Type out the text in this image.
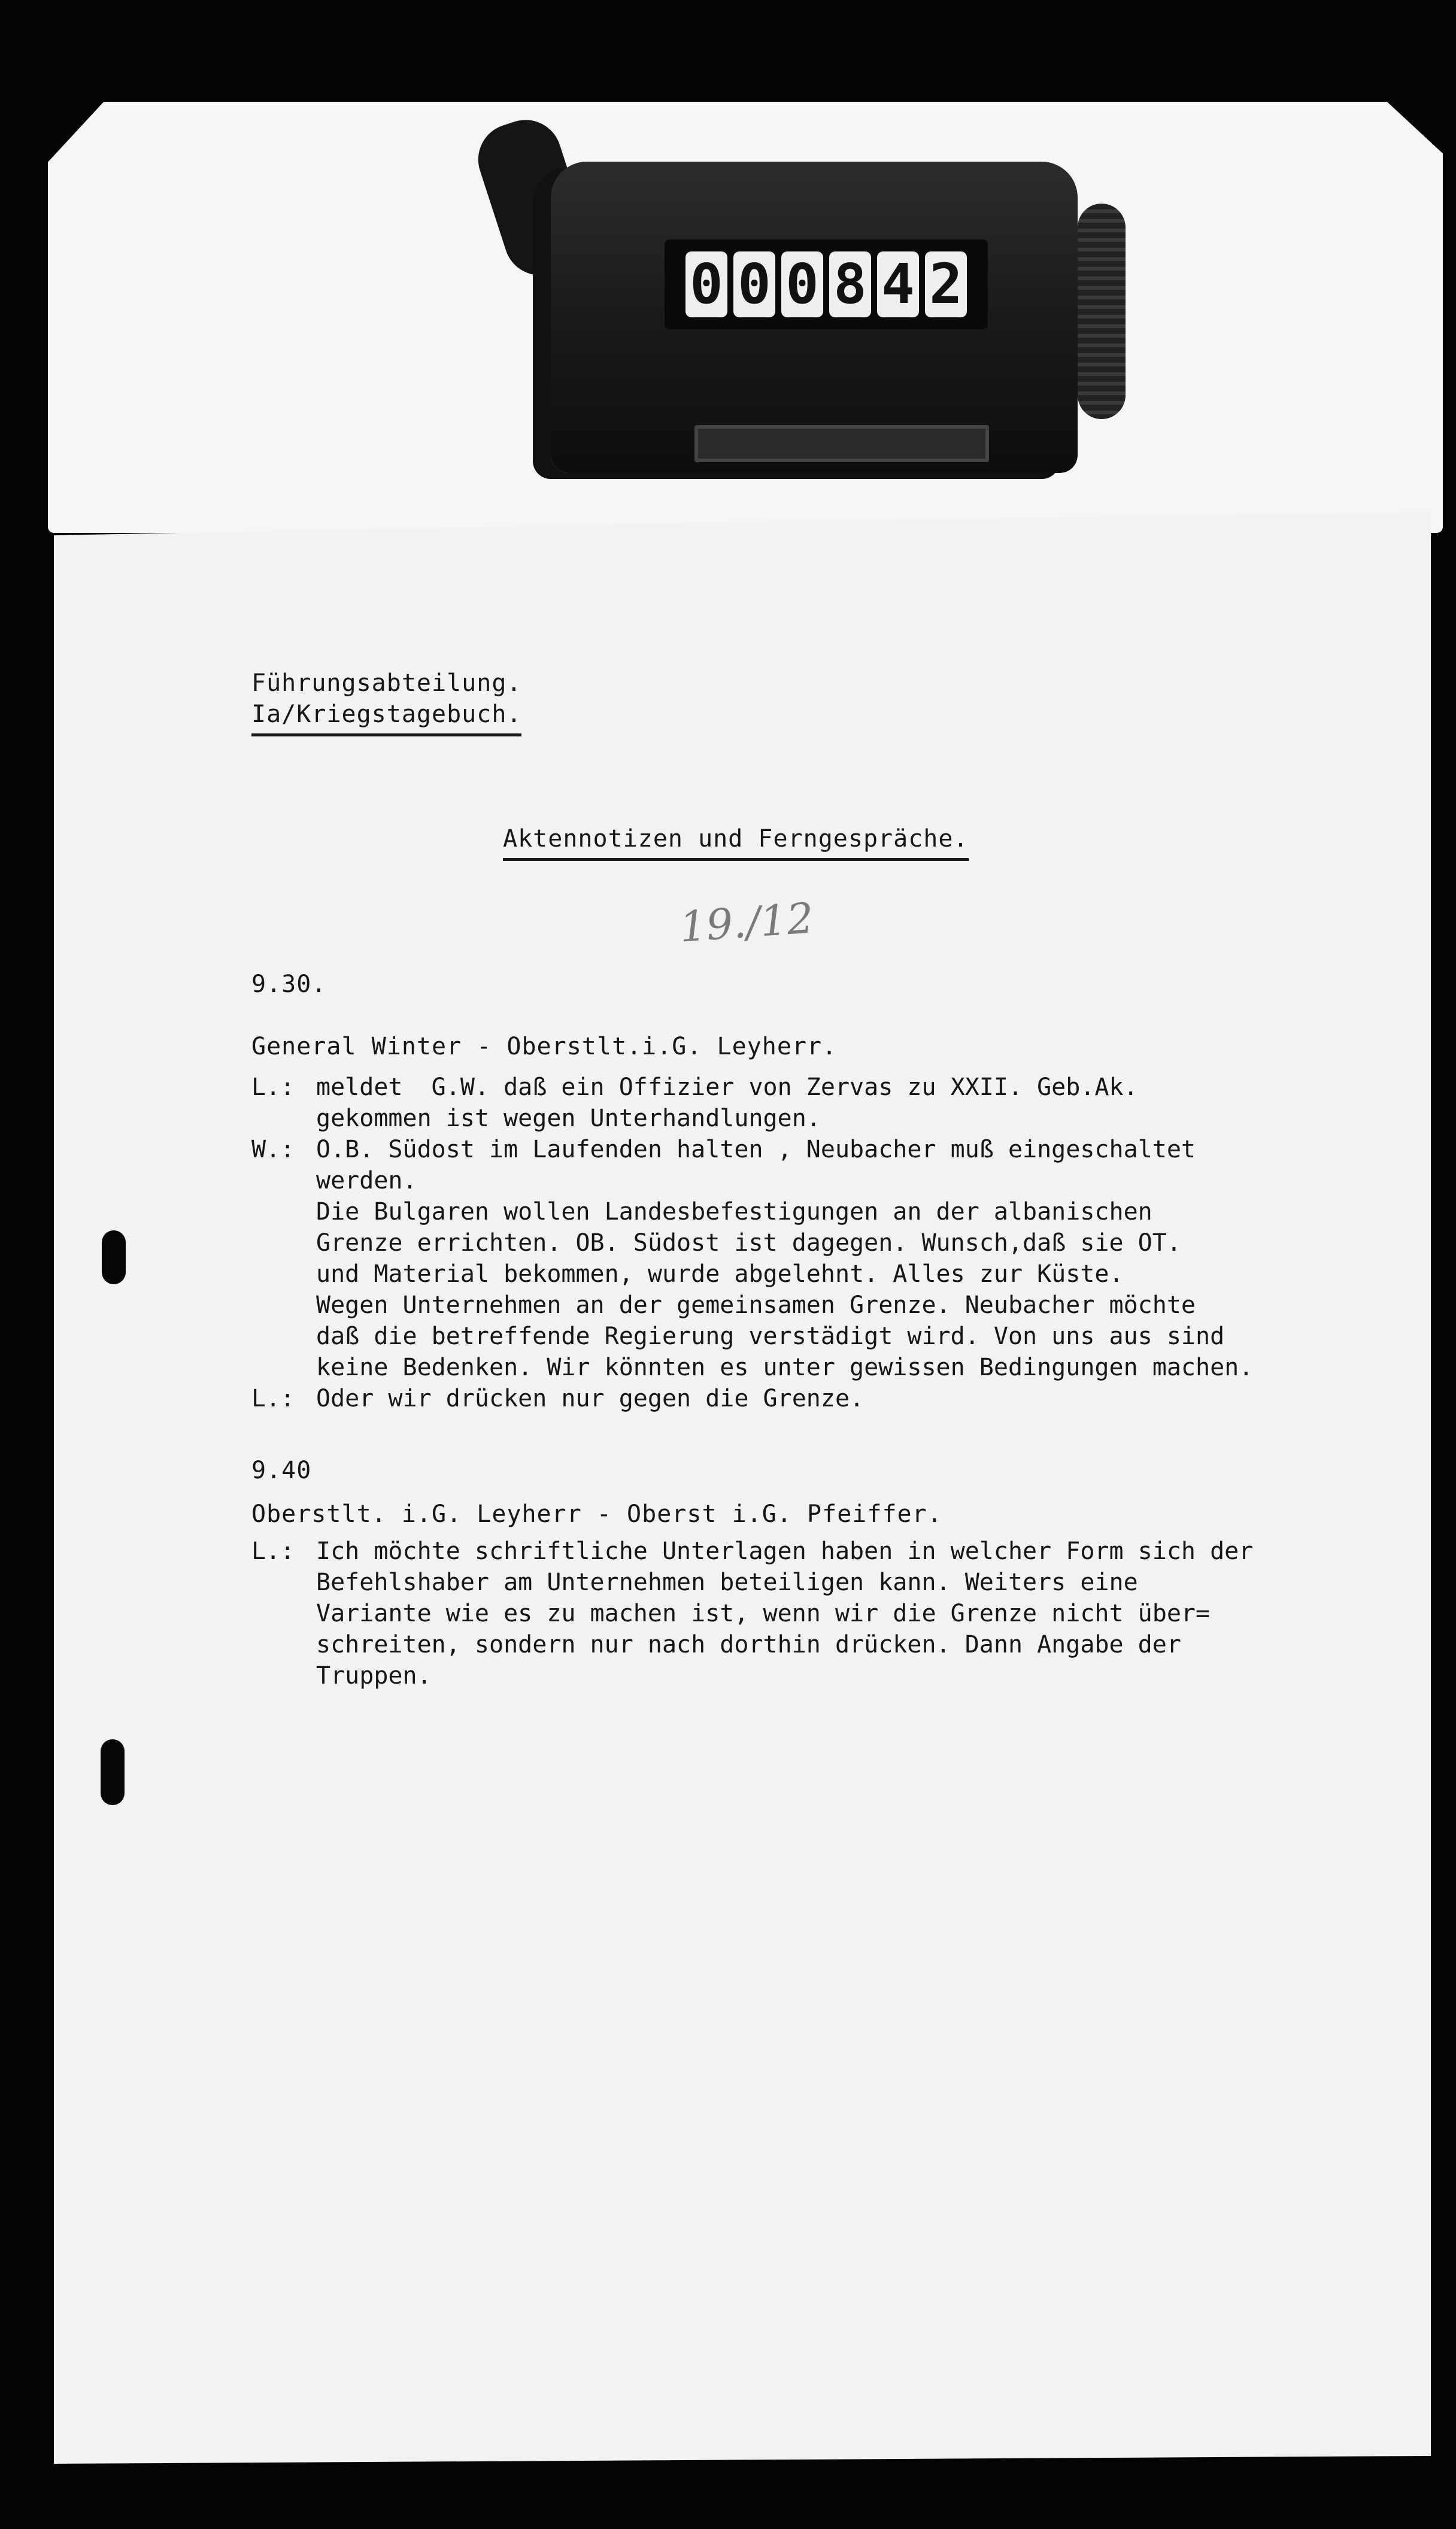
0 0 0 8 4 2
Führungsabteilung.
Ia/Kriegstagebuch.
Aktennotizen und Ferngespräche.
19./12
9.30.
General Winter - Oberstlt.i.G. Leyherr.
L.: meldet  G.W. daß ein Offizier von Zervas zu XXII. Geb.Ak.
gekommen ist wegen Unterhandlungen.
W.: O.B. Südost im Laufenden halten , Neubacher muß eingeschaltet
werden.
Die Bulgaren wollen Landesbefestigungen an der albanischen
Grenze errichten. OB. Südost ist dagegen. Wunsch,daß sie OT.
und Material bekommen, wurde abgelehnt. Alles zur Küste.
Wegen Unternehmen an der gemeinsamen Grenze. Neubacher möchte
daß die betreffende Regierung verstädigt wird. Von uns aus sind
keine Bedenken. Wir könnten es unter gewissen Bedingungen machen.
L.: Oder wir drücken nur gegen die Grenze.
9.40
Oberstlt. i.G. Leyherr - Oberst i.G. Pfeiffer.
L.: Ich möchte schriftliche Unterlagen haben in welcher Form sich der
Befehlshaber am Unternehmen beteiligen kann. Weiters eine
Variante wie es zu machen ist, wenn wir die Grenze nicht über=
schreiten, sondern nur nach dorthin drücken. Dann Angabe der
Truppen.
